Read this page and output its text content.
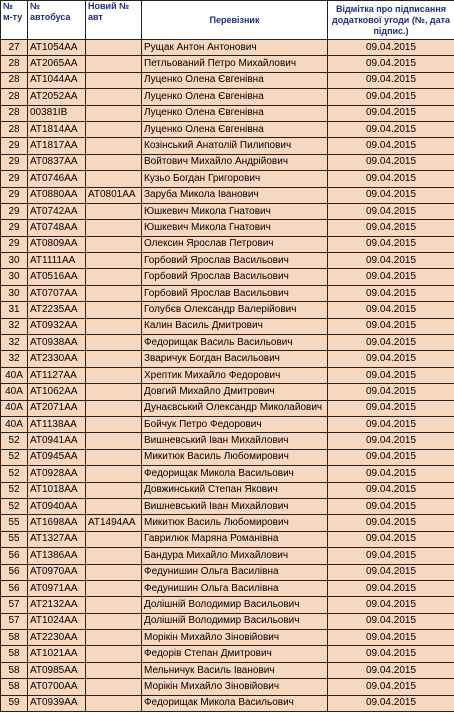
№ м-ту	№ автобуса	Новий № авт	Перевізник	Відмітка про підписання додаткової угоди (№, дата підпис.)
27	АТ1054АА		Рущак Антон Антонович	09.04.2015
28	АТ2065АА		Петльований Петро Михайлович	09.04.2015
28	АТ1044АА		Луценко Олена Євгенівна	09.04.2015
28	АТ2052АА		Луценко Олена Євгенівна	09.04.2015
28	00381ІВ		Луценко Олена Євгенівна	09.04.2015
28	АТ1814АА		Луценко Олена Євгенівна	09.04.2015
29	АТ1817АА		Козінський Анатолій Пилипович	09.04.2015
29	АТ0837АА		Войтович Михайло Андрійович	09.04.2015
29	АТ0746АА		Кузьо Богдан Григорович	09.04.2015
29	АТ0880АА	АТ0801АА	Заруба Микола Іванович	09.04.2015
29	АТ0742АА		Юшкевич Микола Гнатович	09.04.2015
29	АТ0748АА		Юшкевич Микола Гнатович	09.04.2015
29	АТ0809АА		Олексин Ярослав Петрович	09.04.2015
30	АТ1111АА		Горбовий Ярослав Васильович	09.04.2015
30	АТ0516АА		Горбовий Ярослав Васильович	09.04.2015
30	АТ0707АА		Горбовий Ярослав Васильович	09.04.2015
31	АТ2235АА		Голубєв Олександр Валерійович	09.04.2015
32	АТ0932АА		Калин Василь Дмитрович	09.04.2015
32	АТ0938АА		Федорищак Василь Васильович	09.04.2015
32	АТ2330АА		Зваричук Богдан Васильович	09.04.2015
40А	АТ1127АА		Хрептик Михайло Федорович	09.04.2015
40А	АТ1062АА		Довгий Михайло Дмитрович	09.04.2015
40А	АТ2071АА		Дунаєвський Олександр Миколайович	09.04.2015
40А	АТ1138АА		Бойчук Петро Федорович	09.04.2015
52	АТ0941АА		Вишневський Іван Михайлович	09.04.2015
52	АТ0945АА		Микитюк Василь Любомирович	09.04.2015
52	АТ0928АА		Федорищак Микола Васильович	09.04.2015
52	АТ1018АА		Довжинський Степан Якович	09.04.2015
52	АТ0940АА		Вишневський Іван Михайлович	09.04.2015
55	АТ1698АА	АТ1494АА	Микитюк Василь Любомирович	09.04.2015
55	АТ1327АА		Гаврилюк Маряна Романівна	09.04.2015
56	АТ1386АА		Бандура Михайло Михайлович	09.04.2015
56	АТ0970АА		Федунишин Ольга Василівна	09.04.2015
56	АТ0971АА		Федунишин Ольга Василівна	09.04.2015
57	АТ2132АА		Долішній Володимир Васильович	09.04.2015
57	АТ1024АА		Долішній Володимир Васильович	09.04.2015
58	АТ2230АА		Морікін Михайло Зіновійович	09.04.2015
58	АТ1021АА		Федорів Степан Дмитрович	09.04.2015
58	АТ0985АА		Мельничук Василь Іванович	09.04.2015
58	АТ0700АА		Морікін Михайло Зіновійович	09.04.2015
59	АТ0939АА		Федорищак Микола Васильович	09.04.2015
